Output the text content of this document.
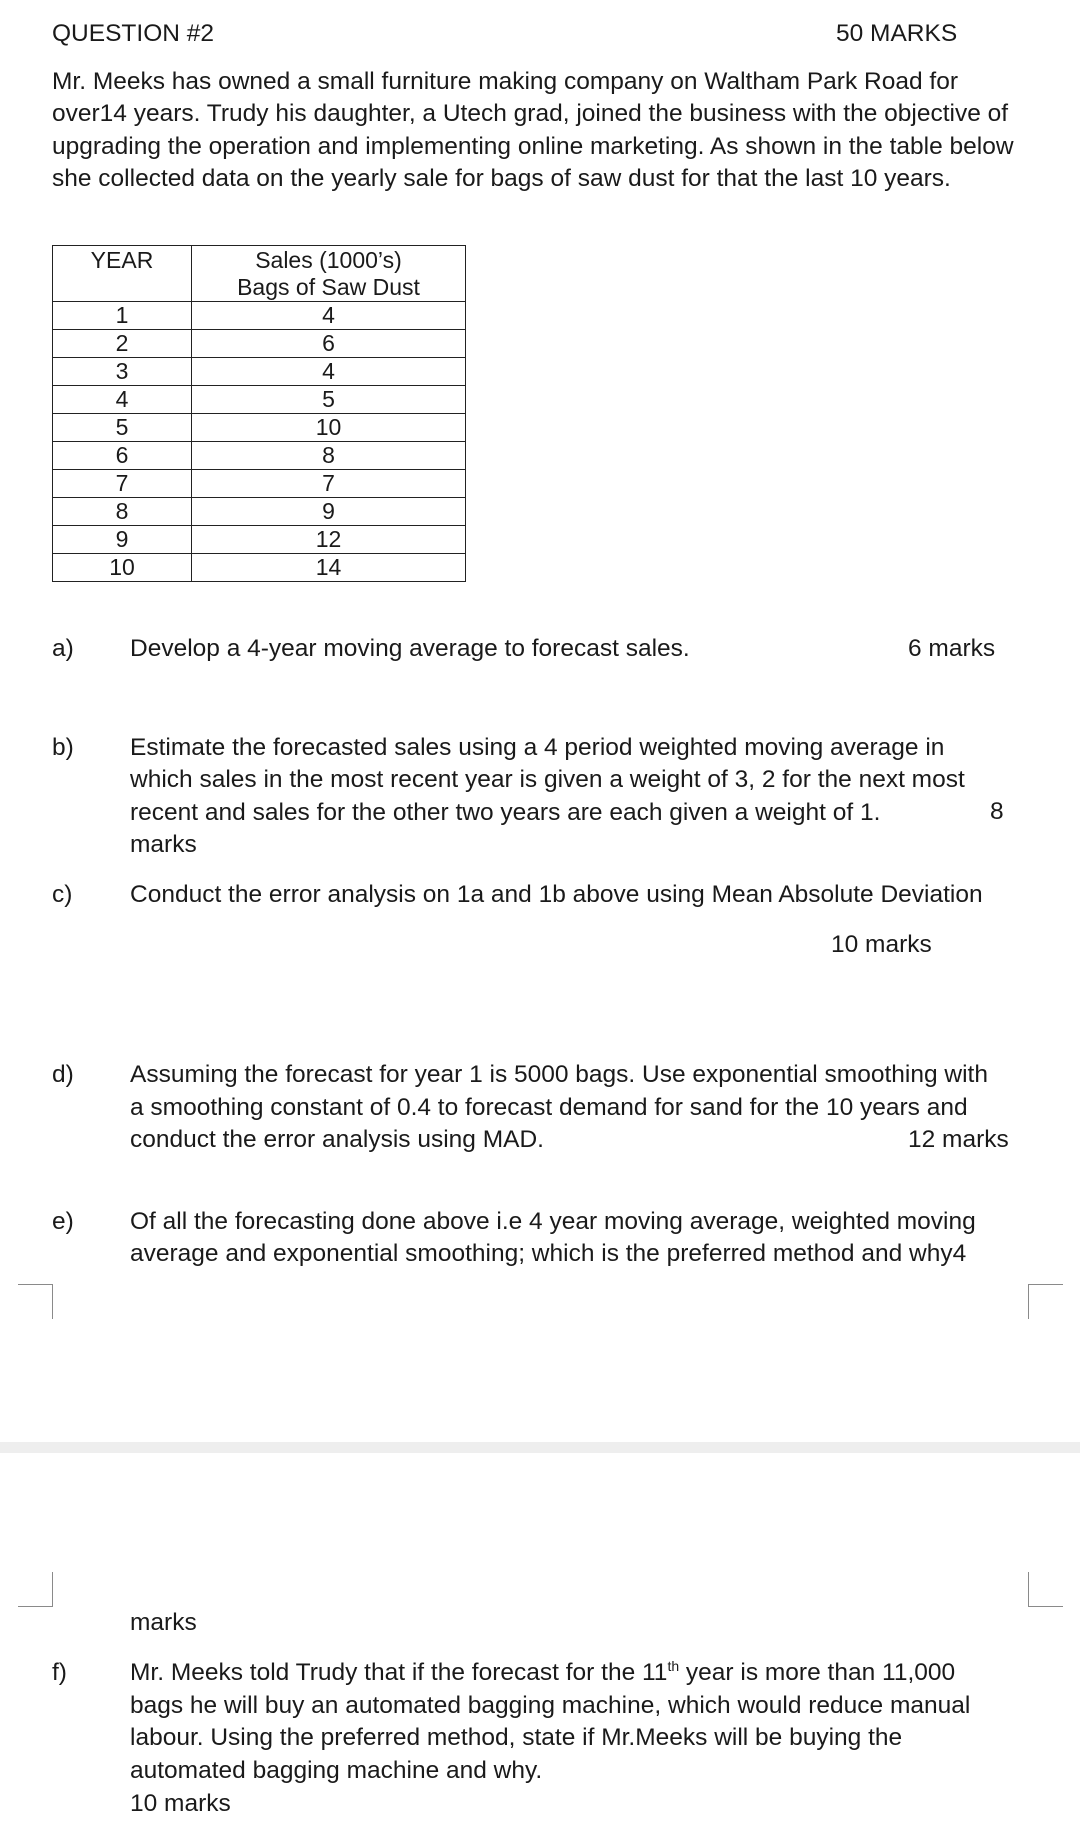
QUESTION #2	50 MARKS
Mr. Meeks has owned a small furniture making company on Waltham Park Road for over14 years. Trudy his daughter, a Utech grad, joined the business with the objective of upgrading the operation and implementing online marketing. As shown in the table below she collected data on the yearly sale for bags of saw dust for that the last 10 years.
YEAR	Sales (1000’s)
Bags of Saw Dust

1	4
2	6
3	4
4	5
5	10
6	8
7	7
8	9
9	12
10	14
a) Develop a 4-year moving average to forecast sales.	6 marks
b) Estimate the forecasted sales using a 4 period weighted moving average in which sales in the most recent year is given a weight of 3, 2 for the next most recent and sales for the other two years are each given a weight of 1.	8
marks
c) Conduct the error analysis on 1a and 1b above using Mean Absolute Deviation
10 marks
d) Assuming the forecast for year 1 is 5000 bags. Use exponential smoothing with
a smoothing constant of 0.4 to forecast demand for sand for the 10 years and
conduct the error analysis using MAD.	12 marks
e) Of all the forecasting done above i.e 4 year moving average, weighted moving
average and exponential smoothing; which is the preferred method and why4
marks
f)	Mr. Meeks told Trudy that if the forecast for the 11th year is more than 11,000
bags he will buy an automated bagging machine, which would reduce manual labour. Using the preferred method, state if Mr.Meeks will be buying the automated bagging machine and why.
10 marks
